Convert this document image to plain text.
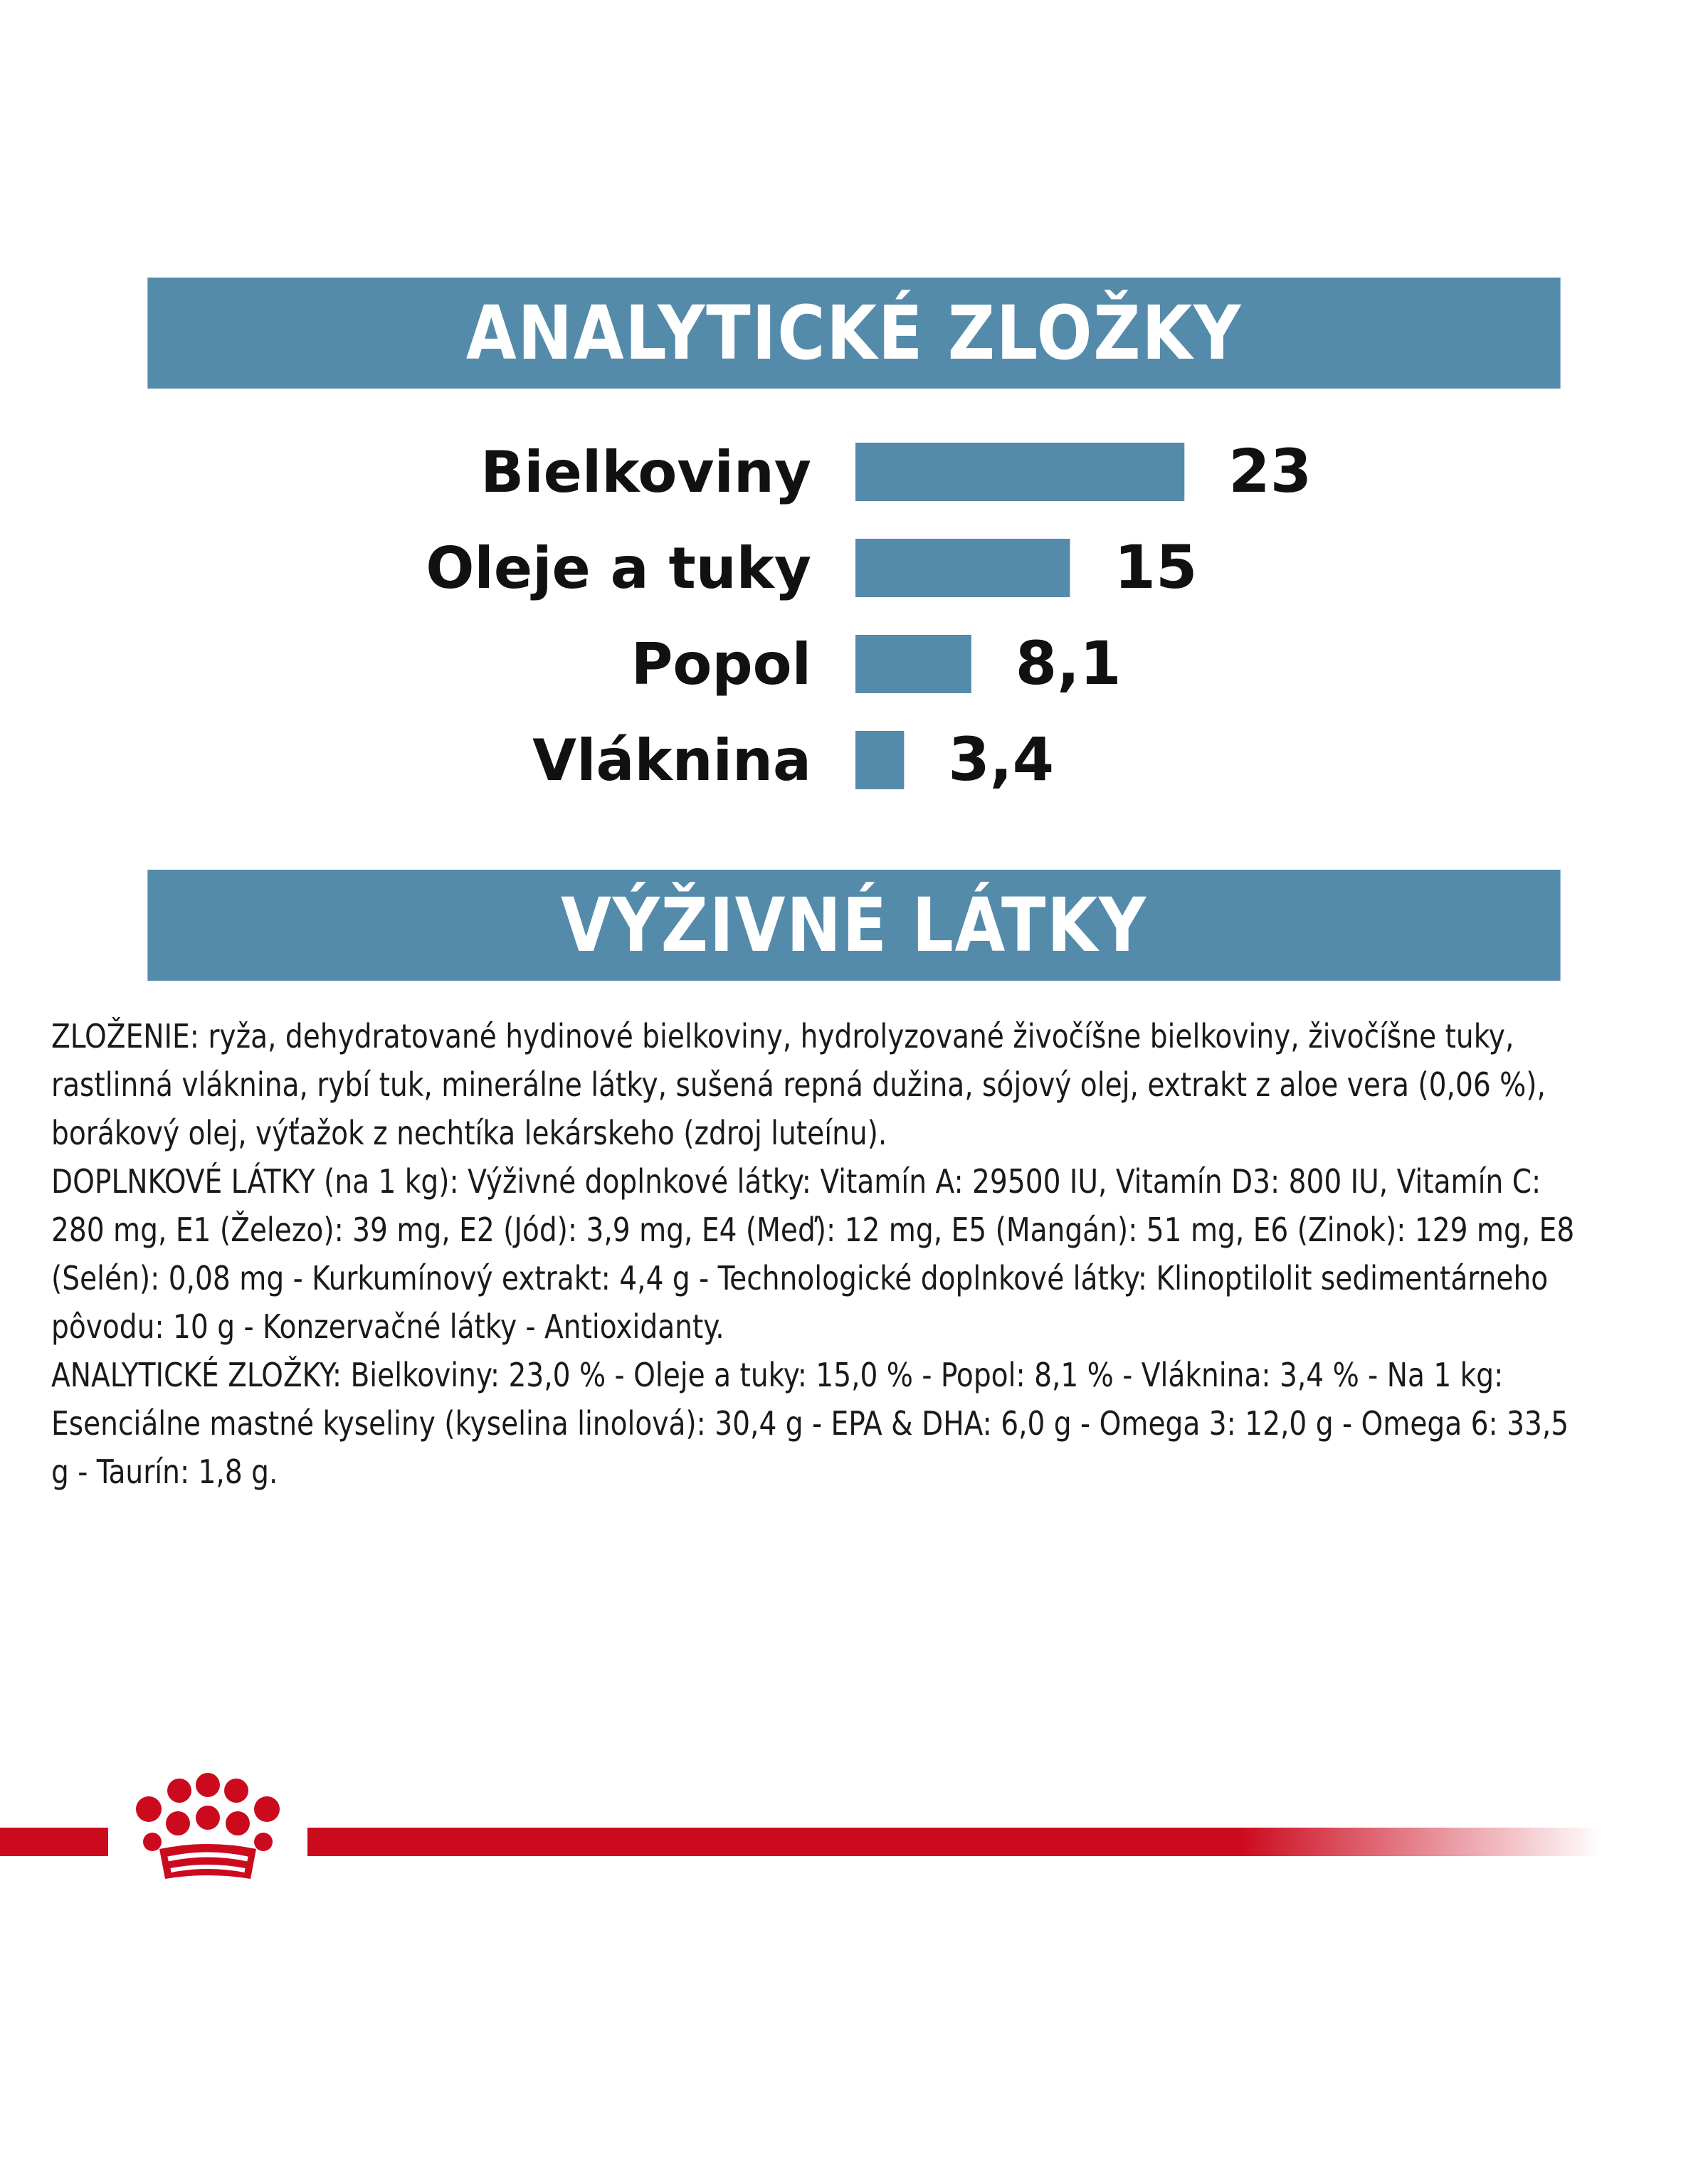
ANALYTICKÉ ZLOŽKY
Bielkoviny	23
Oleje a tuky	15
Popol	8,1
Vláknina 3,4
VÝŽIVNÉ LÁTKY

ZLOŽENIE: ryža, dehydratované hydinové bielkoviny, hydrolyzované živočíšne bielkoviny, živočíšne tuky, rastlinná vláknina, rybí tuk, minerálne látky, sušená repná dužina, sójový olej, extrakt z aloe vera (0,06 %), borákový olej, výťažok z nechtíka lekárskeho (zdroj luteínu).

DOPLNKOVÉ LÁTKY (na 1 kg): Výživné doplnkové látky: Vitamín A: 29500 IU, Vitamín D3: 800 IU, Vitamín C: 280 mg, E1 (Železo): 39 mg, E2 (Jód): 3,9 mg, E4 (Meď): 12 mg, E5 (Mangán): 51 mg, E6 (Zinok): 129 mg, E8 (Selén): 0,08 mg - Kurkumínový extrakt: 4,4 g - Technologické doplnkové látky: Klinoptilolit sedimentárneho pôvodu: 10 g - Konzervačné látky - Antioxidanty.

ANALYTICKÉ ZLOŽKY: Bielkoviny: 23,0 % - Oleje a tuky: 15,0 % - Popol: 8,1 % - Vláknina: 3,4 % - Na 1 kg: Esenciálne mastné kyseliny (kyselina linolová): 30,4 g - EPA & DHA: 6,0 g - Omega 3: 12,0 g - Omega 6: 33,5 g - Taurín: 1,8 g.
